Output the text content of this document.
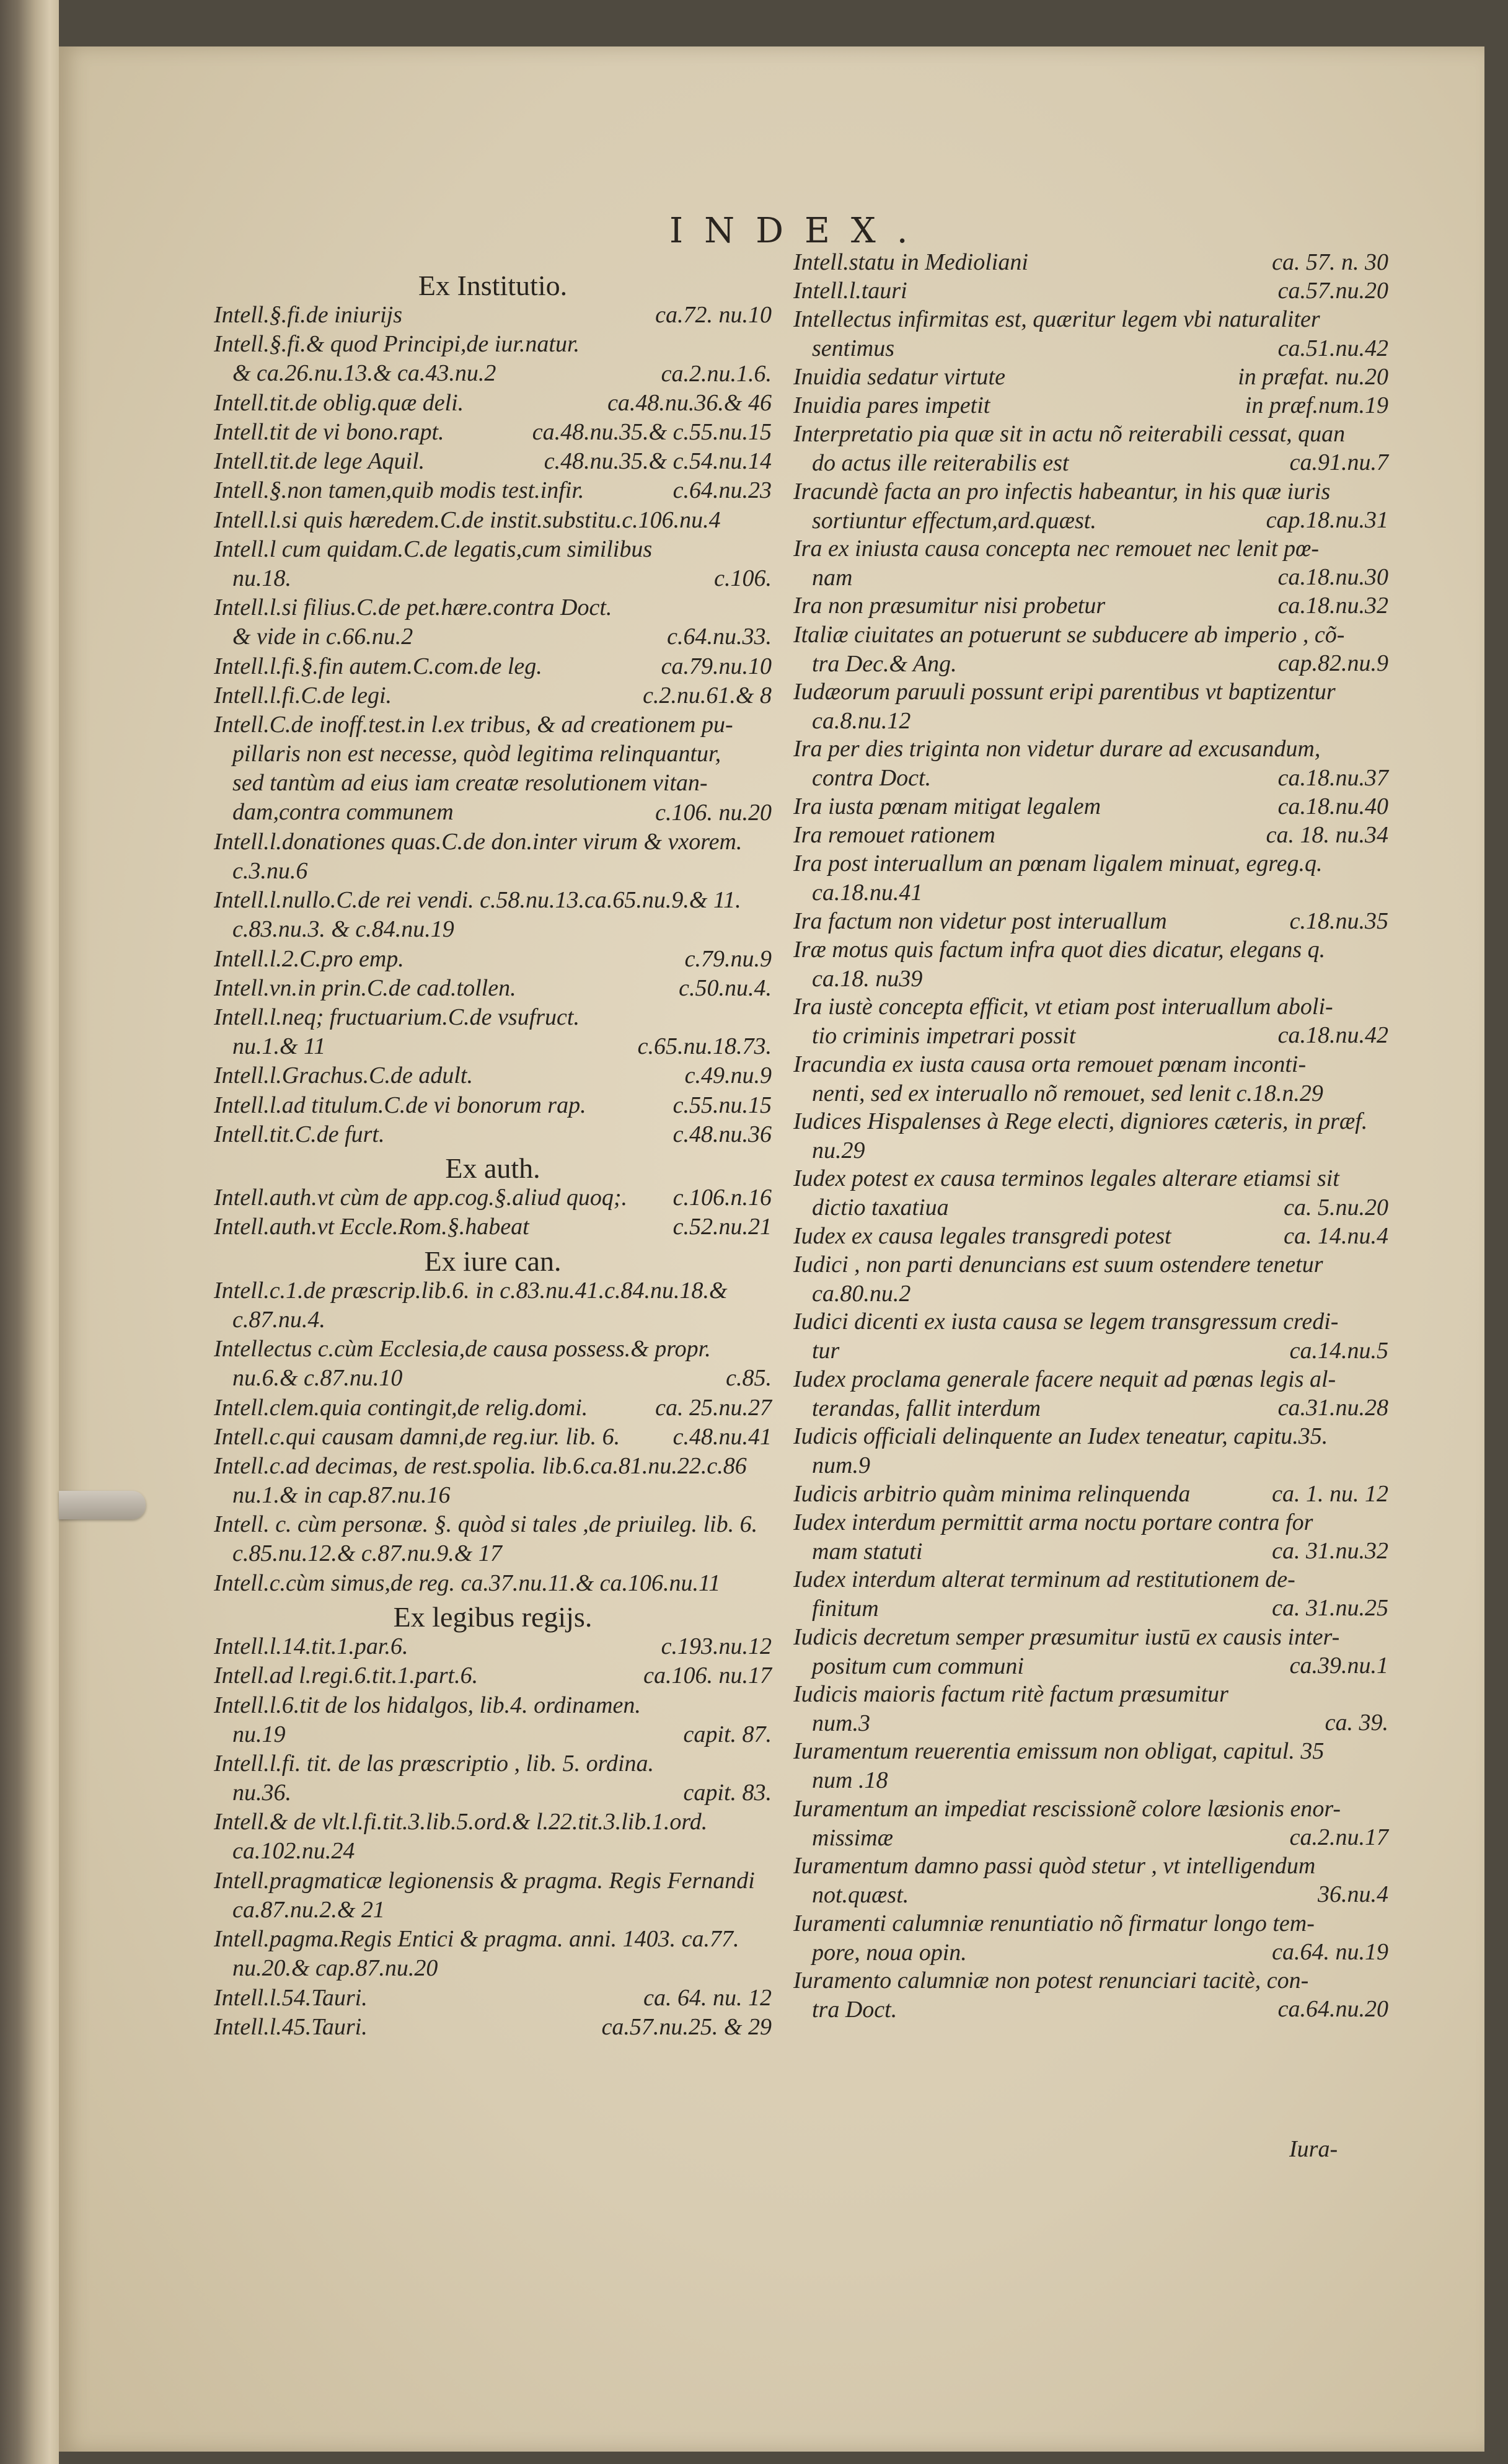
INDEX.
Ex Institutio.
Intell.§.fi.de iniurijs	ca.72. nu.10
Intell.§.fi.& quod Principi,de iur.natur.
& ca.26.nu.13.& ca.43.nu.2	ca.2.nu.1.6.
Intell.tit.de oblig.quæ deli.	ca.48.nu.36.& 46
Intell.tit de vi bono.rapt.	ca.48.nu.35.& c.55.nu.15
Intell.tit.de lege Aquil.	c.48.nu.35.& c.54.nu.14
Intell.§.non tamen,quib modis test.infir.	c.64.nu.23
Intell.l.si quis hæredem.C.de instit.substitu.c.106.nu.4
Intell.l cum quidam.C.de legatis,cum similibus
nu.18.	c.106.
Intell.l.si filius.C.de pet.hære.contra Doct.
& vide in c.66.nu.2	c.64.nu.33.
Intell.l.fi.§.fin autem.C.com.de leg.	ca.79.nu.10
Intell.l.fi.C.de legi.	c.2.nu.61.& 8
Intell.C.de inoff.test.in l.ex tribus, & ad creationem pu-
pillaris non est necesse, quòd legitima relinquantur,
sed tantùm ad eius iam creatæ resolutionem vitan-
dam,contra communem	c.106. nu.20
Intell.l.donationes quas.C.de don.inter virum & vxorem.
c.3.nu.6
Intell.l.nullo.C.de rei vendi. c.58.nu.13.ca.65.nu.9.& 11.
c.83.nu.3. & c.84.nu.19
Intell.l.2.C.pro emp.	c.79.nu.9
Intell.vn.in prin.C.de cad.tollen.	c.50.nu.4.
Intell.l.neq; fructuarium.C.de vsufruct.
nu.1.& 11	c.65.nu.18.73.
Intell.l.Grachus.C.de adult.	c.49.nu.9
Intell.l.ad titulum.C.de vi bonorum rap.	c.55.nu.15
Intell.tit.C.de furt.	c.48.nu.36
Ex auth.
Intell.auth.vt cùm de app.cog.§.aliud quoq;.	c.106.n.16
Intell.auth.vt Eccle.Rom.§.habeat	c.52.nu.21
Ex iure can.
Intell.c.1.de præscrip.lib.6. in c.83.nu.41.c.84.nu.18.&
c.87.nu.4.
Intellectus c.cùm Ecclesia,de causa possess.& propr.
nu.6.& c.87.nu.10	c.85.
Intell.clem.quia contingit,de relig.domi.	ca. 25.nu.27
Intell.c.qui causam damni,de reg.iur. lib. 6.	c.48.nu.41
Intell.c.ad decimas, de rest.spolia. lib.6.ca.81.nu.22.c.86
nu.1.& in cap.87.nu.16
Intell. c. cùm personæ. §. quòd si tales ,de priuileg. lib. 6.
c.85.nu.12.& c.87.nu.9.& 17
Intell.c.cùm simus,de reg. ca.37.nu.11.& ca.106.nu.11
Ex legibus regijs.
Intell.l.14.tit.1.par.6.	c.193.nu.12
Intell.ad l.regi.6.tit.1.part.6.	ca.106. nu.17
Intell.l.6.tit de los hidalgos, lib.4. ordinamen.
nu.19	capit. 87.
Intell.l.fi. tit. de las præscriptio , lib. 5. ordina.
nu.36.	capit. 83.
Intell.& de vlt.l.fi.tit.3.lib.5.ord.& l.22.tit.3.lib.1.ord.
ca.102.nu.24
Intell.pragmaticæ legionensis & pragma. Regis Fernandi
ca.87.nu.2.& 21
Intell.pagma.Regis Entici & pragma. anni. 1403. ca.77.
nu.20.& cap.87.nu.20
Intell.l.54.Tauri.	ca. 64. nu. 12
Intell.l.45.Tauri.	ca.57.nu.25. & 29
Intell.statu in Medioliani	ca. 57. n. 30
Intell.l.tauri	ca.57.nu.20
Intellectus infirmitas est, quæritur legem vbi naturaliter
sentimus	ca.51.nu.42
Inuidia sedatur virtute	in præfat. nu.20
Inuidia pares impetit	in præf.num.19
Interpretatio pia quæ sit in actu nõ reiterabili cessat, quan
do actus ille reiterabilis est	ca.91.nu.7
Iracundè facta an pro infectis habeantur, in his quæ iuris
sortiuntur effectum,ard.quæst.	cap.18.nu.31
Ira ex iniusta causa concepta nec remouet nec lenit pœ-
nam	ca.18.nu.30
Ira non præsumitur nisi probetur	ca.18.nu.32
Italiæ ciuitates an potuerunt se subducere ab imperio , cõ-
tra Dec.& Ang.	cap.82.nu.9
Iudæorum paruuli possunt eripi parentibus vt baptizentur
ca.8.nu.12
Ira per dies triginta non videtur durare ad excusandum,
contra Doct.	ca.18.nu.37
Ira iusta pœnam mitigat legalem	ca.18.nu.40
Ira remouet rationem	ca. 18. nu.34
Ira post interuallum an pœnam ligalem minuat, egreg.q.
ca.18.nu.41
Ira factum non videtur post interuallum	c.18.nu.35
Iræ motus quis factum infra quot dies dicatur, elegans q.
ca.18. nu39
Ira iustè concepta efficit, vt etiam post interuallum aboli-
tio criminis impetrari possit	ca.18.nu.42
Iracundia ex iusta causa orta remouet pœnam inconti-
nenti, sed ex interuallo nõ remouet, sed lenit c.18.n.29
Iudices Hispalenses à Rege electi, digniores cæteris, in præf.
nu.29
Iudex potest ex causa terminos legales alterare etiamsi sit
dictio taxatiua	ca. 5.nu.20
Iudex ex causa legales transgredi potest	ca. 14.nu.4
Iudici , non parti denuncians est suum ostendere tenetur
ca.80.nu.2
Iudici dicenti ex iusta causa se legem transgressum credi-
tur	ca.14.nu.5
Iudex proclama generale facere nequit ad pœnas legis al-
terandas, fallit interdum	ca.31.nu.28
Iudicis officiali delinquente an Iudex teneatur, capitu.35.
num.9
Iudicis arbitrio quàm minima relinquenda	ca. 1. nu. 12
Iudex interdum permittit arma noctu portare contra for
mam statuti	ca. 31.nu.32
Iudex interdum alterat terminum ad restitutionem de-
finitum	ca. 31.nu.25
Iudicis decretum semper præsumitur iustū ex causis inter-
positum cum communi	ca.39.nu.1
Iudicis maioris factum ritè factum præsumitur
num.3	ca. 39.
Iuramentum reuerentia emissum non obligat, capitul. 35
num .18
Iuramentum an impediat rescissionẽ colore læsionis enor-
missimæ	ca.2.nu.17
Iuramentum damno passi quòd stetur , vt intelligendum
not.quæst.	36.nu.4
Iuramenti calumniæ renuntiatio nõ firmatur longo tem-
pore, noua opin.	ca.64. nu.19
Iuramento calumniæ non potest renunciari tacitè, con-
tra Doct.	ca.64.nu.20
Iura-
